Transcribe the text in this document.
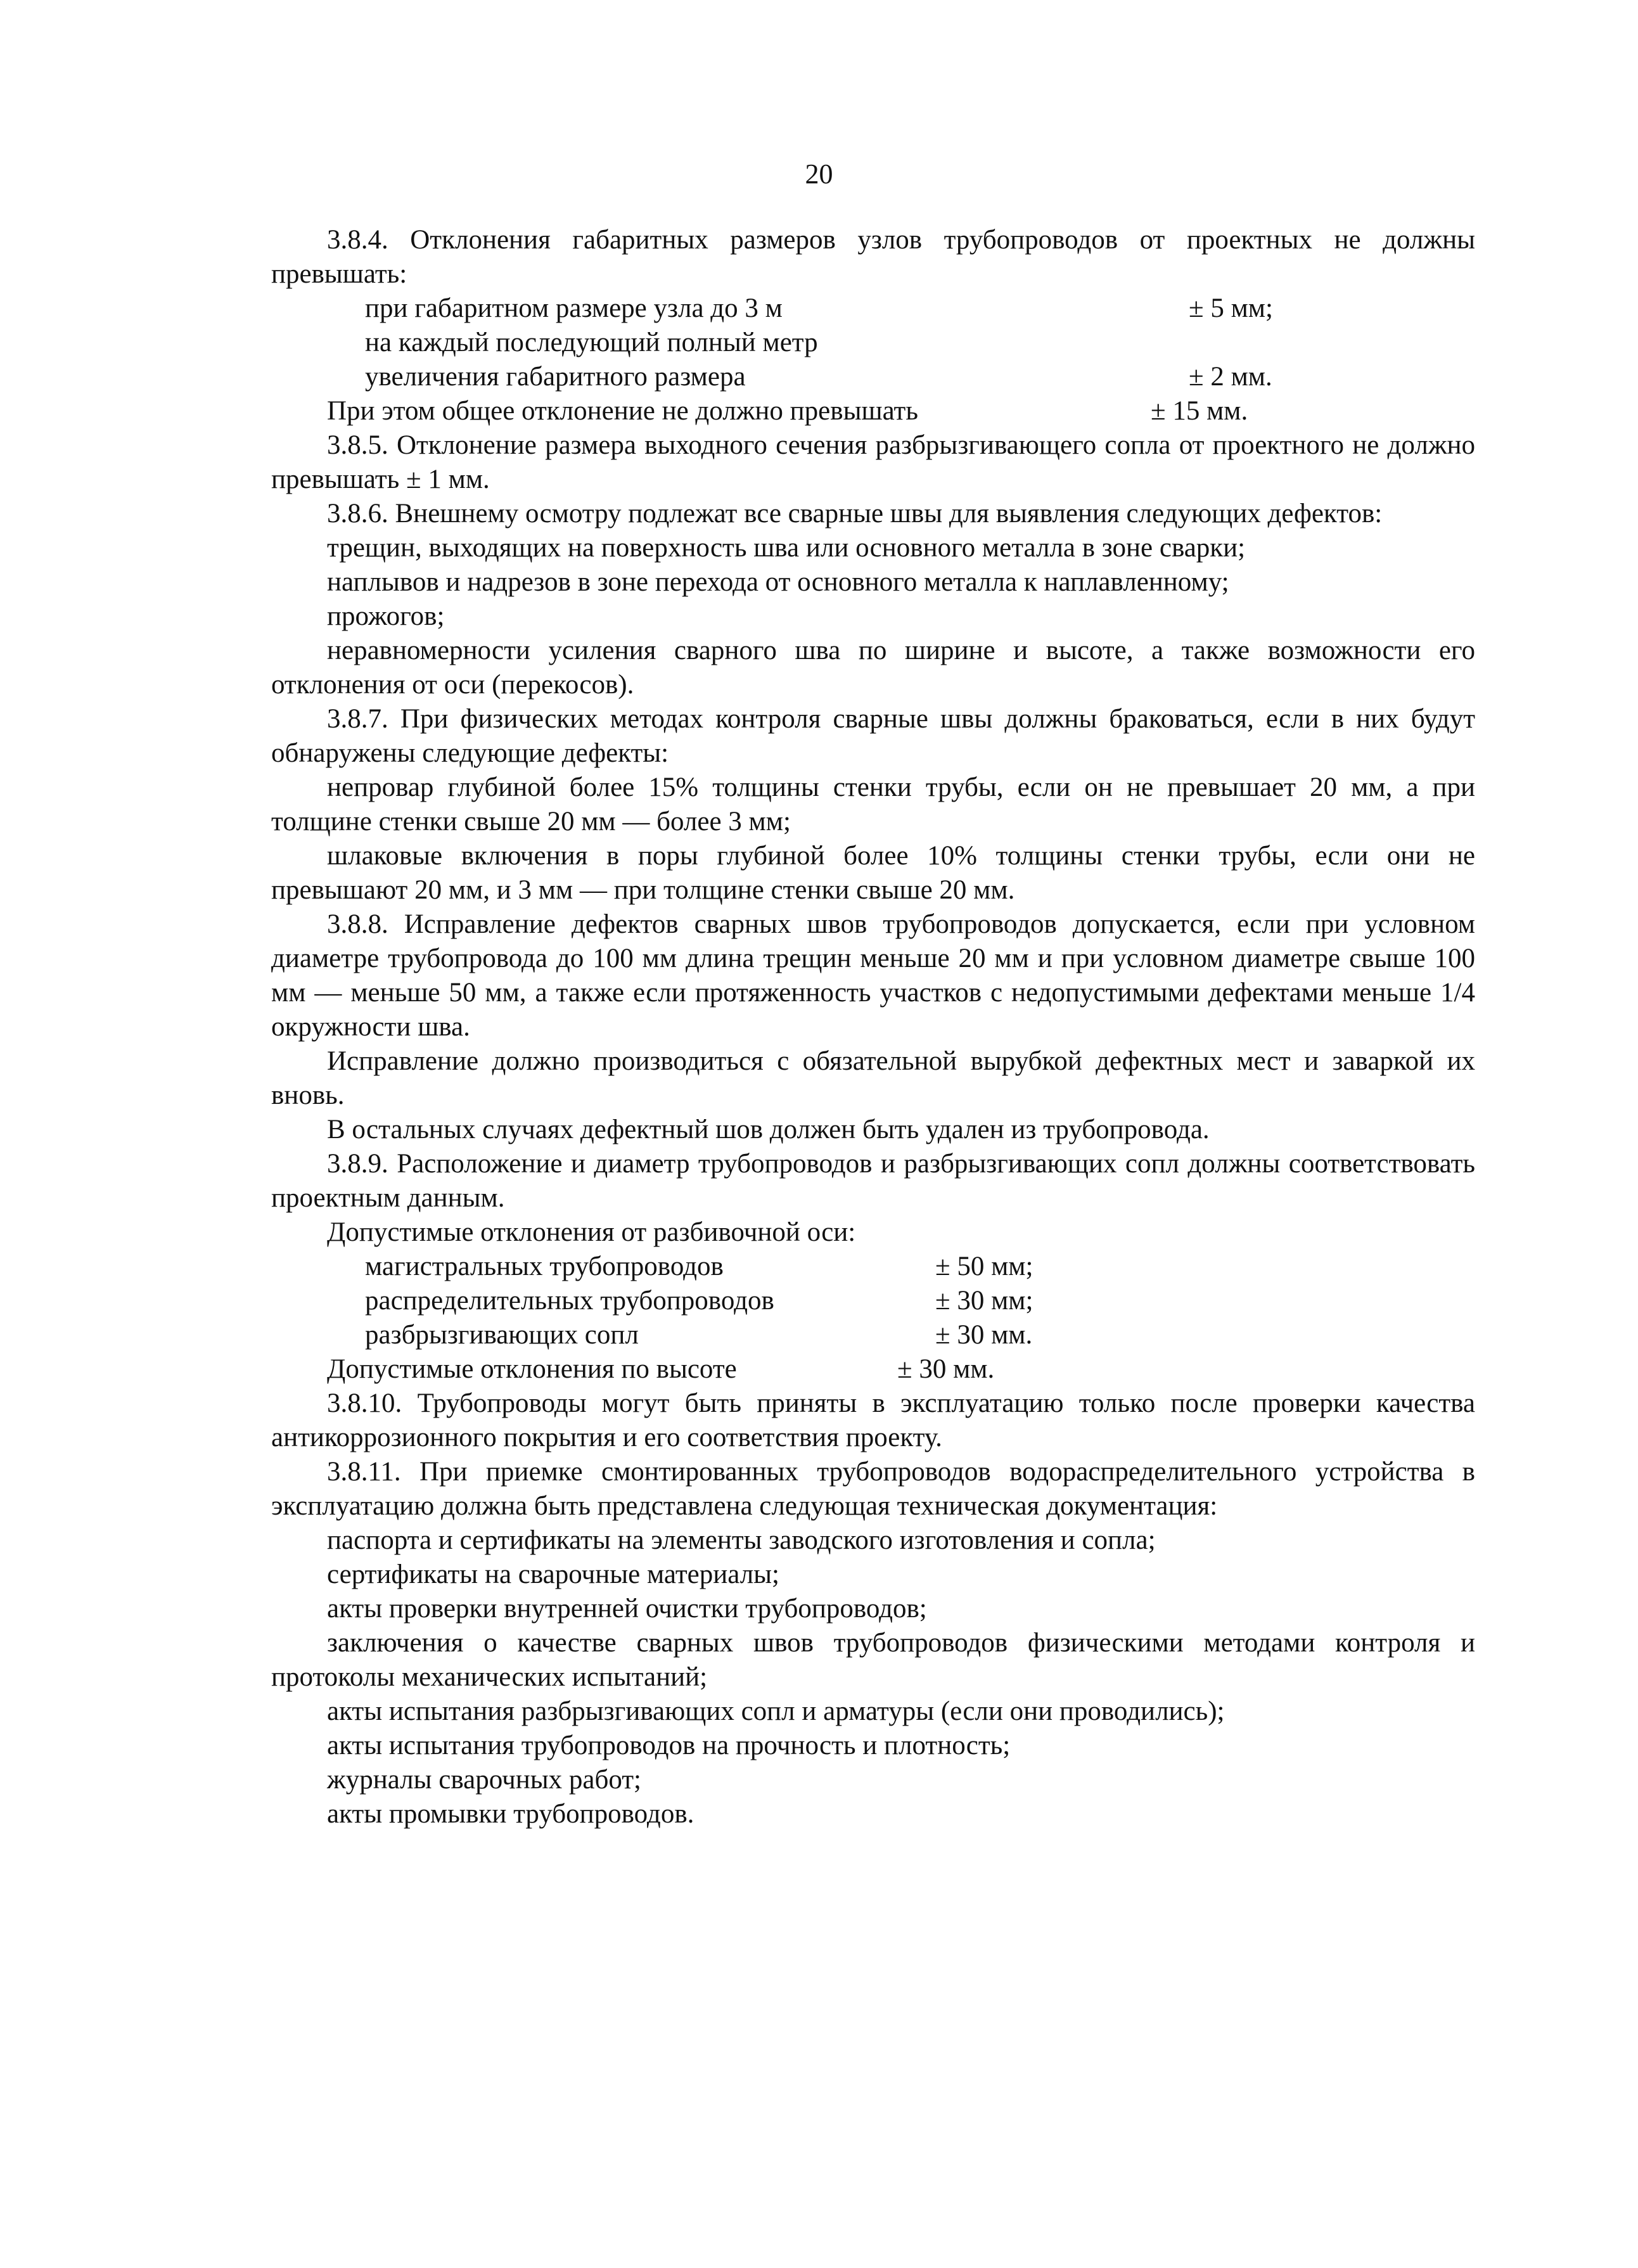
20

3.8.4. Отклонения габаритных размеров узлов трубопроводов от проектных не должны превышать:

при габаритном размере узла до 3 м	± 5 мм;
на каждый последующий полный метр
увеличения габаритного размера	± 2 мм.
При этом общее отклонение не должно превышать	± 15 мм.

3.8.5. Отклонение размера выходного сечения разбрызгивающего сопла от проектного не должно превышать ± 1 мм.

3.8.6. Внешнему осмотру подлежат все сварные швы для выявления следующих дефектов:

трещин, выходящих на поверхность шва или основного металла в зоне сварки;

наплывов и надрезов в зоне перехода от основного металла к наплавленному;

прожогов;

неравномерности усиления сварного шва по ширине и высоте, а также возможности его отклонения от оси (перекосов).

3.8.7. При физических методах контроля сварные швы должны браковаться, если в них будут обнаружены следующие дефекты:

непровар глубиной более 15% толщины стенки трубы, если он не превышает 20 мм, а при толщине стенки свыше 20 мм — более 3 мм;

шлаковые включения в поры глубиной более 10% толщины стенки трубы, если они не превышают 20 мм, и 3 мм — при толщине стенки свыше 20 мм.

3.8.8. Исправление дефектов сварных швов трубопроводов допускается, если при условном диаметре трубопровода до 100 мм длина трещин меньше 20 мм и при условном диаметре свыше 100 мм — меньше 50 мм, а также если протяженность участков с недопустимыми дефектами меньше 1/4 окружности шва.

Исправление должно производиться с обязательной вырубкой дефектных мест и заваркой их вновь.

В остальных случаях дефектный шов должен быть удален из трубопровода.

3.8.9. Расположение и диаметр трубопроводов и разбрызгивающих сопл должны соответствовать проектным данным.

Допустимые отклонения от разбивочной оси:

магистральных трубопроводов	± 50 мм;
распределительных трубопроводов	± 30 мм;
разбрызгивающих сопл	± 30 мм.
Допустимые отклонения по высоте	± 30 мм.

3.8.10. Трубопроводы могут быть приняты в эксплуатацию только после проверки качества антикоррозионного покрытия и его соответствия проекту.

3.8.11. При приемке смонтированных трубопроводов водораспределительного устройства в эксплуатацию должна быть представлена следующая техническая документация:

паспорта и сертификаты на элементы заводского изготовления и сопла;

сертификаты на сварочные материалы;

акты проверки внутренней очистки трубопроводов;

заключения о качестве сварных швов трубопроводов физическими методами контроля и протоколы механических испытаний;

акты испытания разбрызгивающих сопл и арматуры (если они проводились);

акты испытания трубопроводов на прочность и плотность;

журналы сварочных работ;

акты промывки трубопроводов.
